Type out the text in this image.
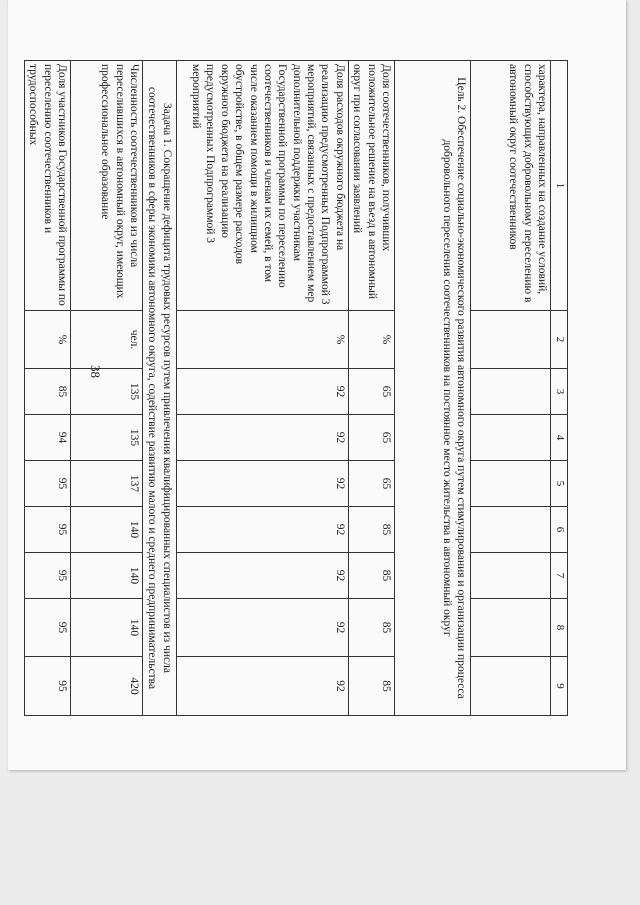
38
1	2	3	4	5	6	7	8	9
характера, направленных на создание условий, способствующих добровольному переселению в автономный округ соотечественников								
Цель 2. Обеспечение социально-экономического развития автономного округа путем стимулирования и организации процесса добровольного переселения соотечественников на постоянное место жительства в автономный округ								
Доля соотечественников, получивших положительное решение на въезд в автономный округ при согласовании заявлений	%	65	65	65	85	85	85	85
Доля расходов окружного бюджета на реализацию предусмотренных Подпрограммой 3 мероприятий, связанных с предоставлением мер дополнительной поддержки участникам Государственной программы по переселению соотечественников и членам их семей, в том числе оказанием помощи в жилищном обустройстве, в общем размере расходов окружного бюджета на реализацию предусмотренных Подпрограммой 3 мероприятий	%	92	92	92	92	92	92	92
Задача 1. Сокращение дефицита трудовых ресурсов путем привлечения квалифицированных специалистов из числа соотечественников в сферы экономики автономного округа, содействие развитию малого и среднего предпринимательства								
Численность соотечественников из числа переселившихся в автономный округ, имеющих профессиональное образование	чел.	135	135	137	140	140	140	420
Доля участников Государственной программы по переселению соотечественников и трудоспособных	%	85	94	95	95	95	95	95
